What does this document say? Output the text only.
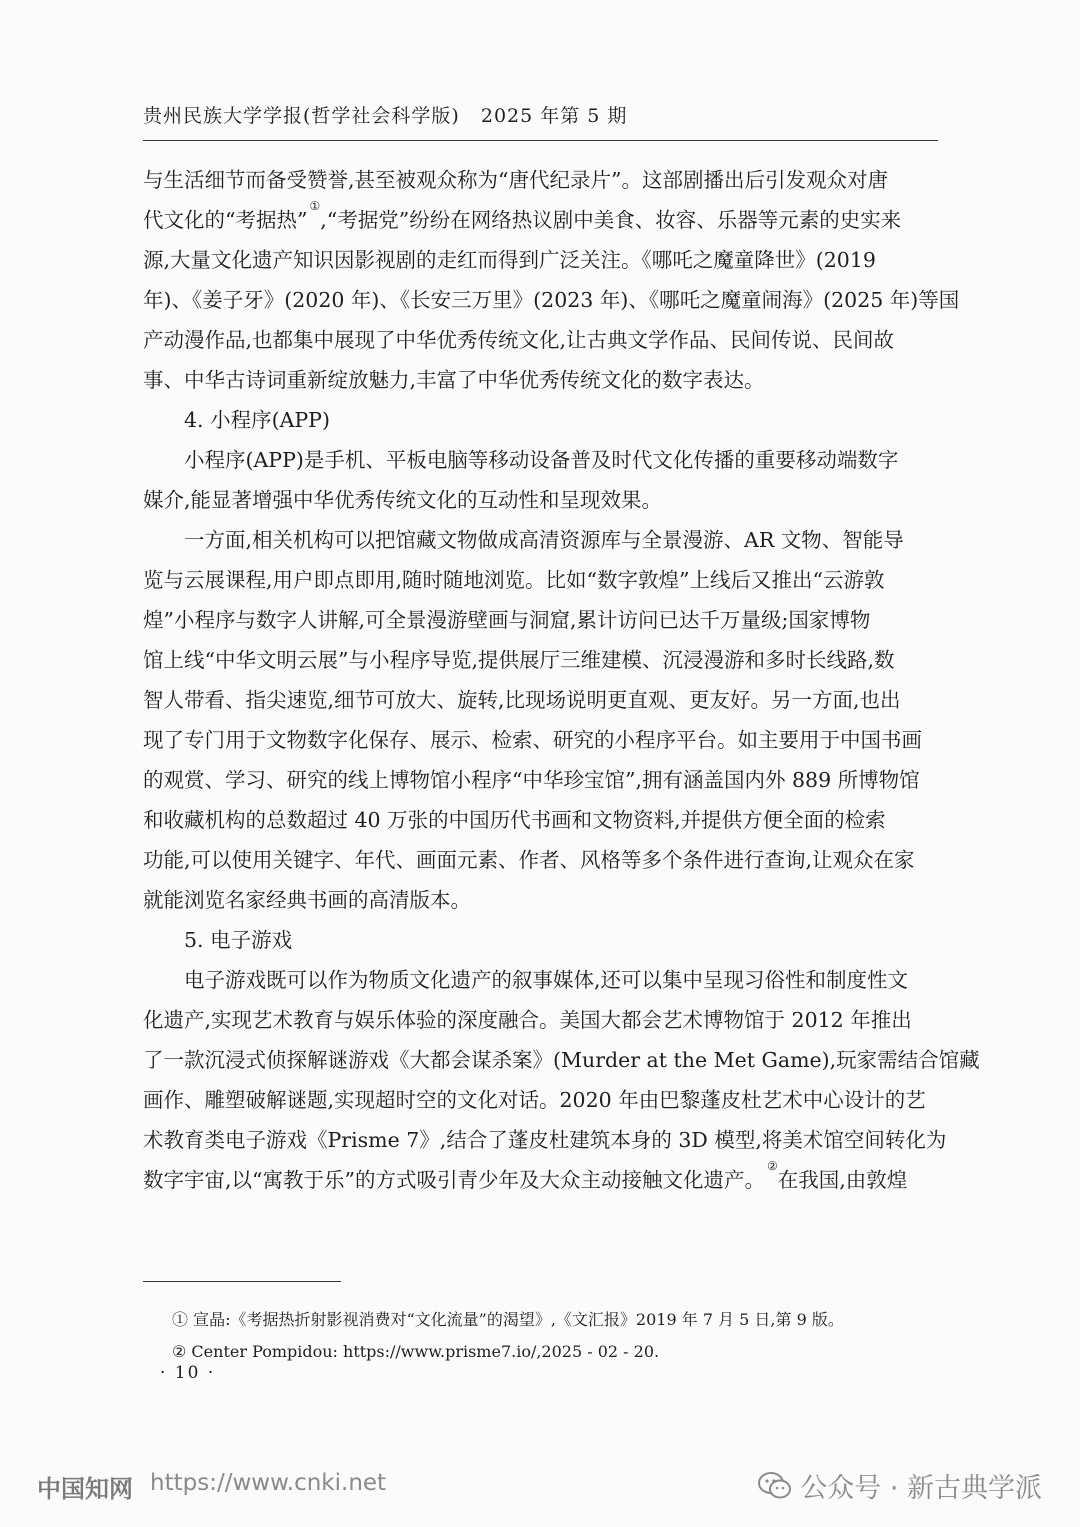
贵州民族大学学报(哲学社会科学版) 2025 年第 5 期
与生活细节而备受赞誉,甚至被观众称为“唐代纪录片”。这部剧播出后引发观众对唐
代文化的“考据热”①,“考据党”纷纷在网络热议剧中美食、妆容、乐器等元素的史实来
源,大量文化遗产知识因影视剧的走红而得到广泛关注。《哪吒之魔童降世》(2019
年)、《姜子牙》(2020 年)、《长安三万里》(2023 年)、《哪吒之魔童闹海》(2025 年)等国
产动漫作品,也都集中展现了中华优秀传统文化,让古典文学作品、民间传说、民间故
事、中华古诗词重新绽放魅力,丰富了中华优秀传统文化的数字表达。
4. 小程序(APP)
小程序(APP)是手机、平板电脑等移动设备普及时代文化传播的重要移动端数字
媒介,能显著增强中华优秀传统文化的互动性和呈现效果。
一方面,相关机构可以把馆藏文物做成高清资源库与全景漫游、AR 文物、智能导
览与云展课程,用户即点即用,随时随地浏览。比如“数字敦煌”上线后又推出“云游敦
煌”小程序与数字人讲解,可全景漫游壁画与洞窟,累计访问已达千万量级;国家博物
馆上线“中华文明云展”与小程序导览,提供展厅三维建模、沉浸漫游和多时长线路,数
智人带看、指尖速览,细节可放大、旋转,比现场说明更直观、更友好。另一方面,也出
现了专门用于文物数字化保存、展示、检索、研究的小程序平台。如主要用于中国书画
的观赏、学习、研究的线上博物馆小程序“中华珍宝馆”,拥有涵盖国内外 889 所博物馆
和收藏机构的总数超过 40 万张的中国历代书画和文物资料,并提供方便全面的检索
功能,可以使用关键字、年代、画面元素、作者、风格等多个条件进行查询,让观众在家
就能浏览名家经典书画的高清版本。
5. 电子游戏
电子游戏既可以作为物质文化遗产的叙事媒体,还可以集中呈现习俗性和制度性文
化遗产,实现艺术教育与娱乐体验的深度融合。美国大都会艺术博物馆于 2012 年推出
了一款沉浸式侦探解谜游戏《大都会谋杀案》(Murder at the Met Game),玩家需结合馆藏
画作、雕塑破解谜题,实现超时空的文化对话。2020 年由巴黎蓬皮杜艺术中心设计的艺
术教育类电子游戏《Prisme 7》,结合了蓬皮杜建筑本身的 3D 模型,将美术馆空间转化为
数字宇宙,以“寓教于乐”的方式吸引青少年及大众主动接触文化遗产。②在我国,由敦煌
① 宣晶:《考据热折射影视消费对“文化流量”的渴望》,《文汇报》2019 年 7 月 5 日,第 9 版。
② Center Pompidou: https://www.prisme7.io/,2025 - 02 - 20.
· 10 ·
中国知网 https://www.cnki.net	公众号 · 新古典学派
